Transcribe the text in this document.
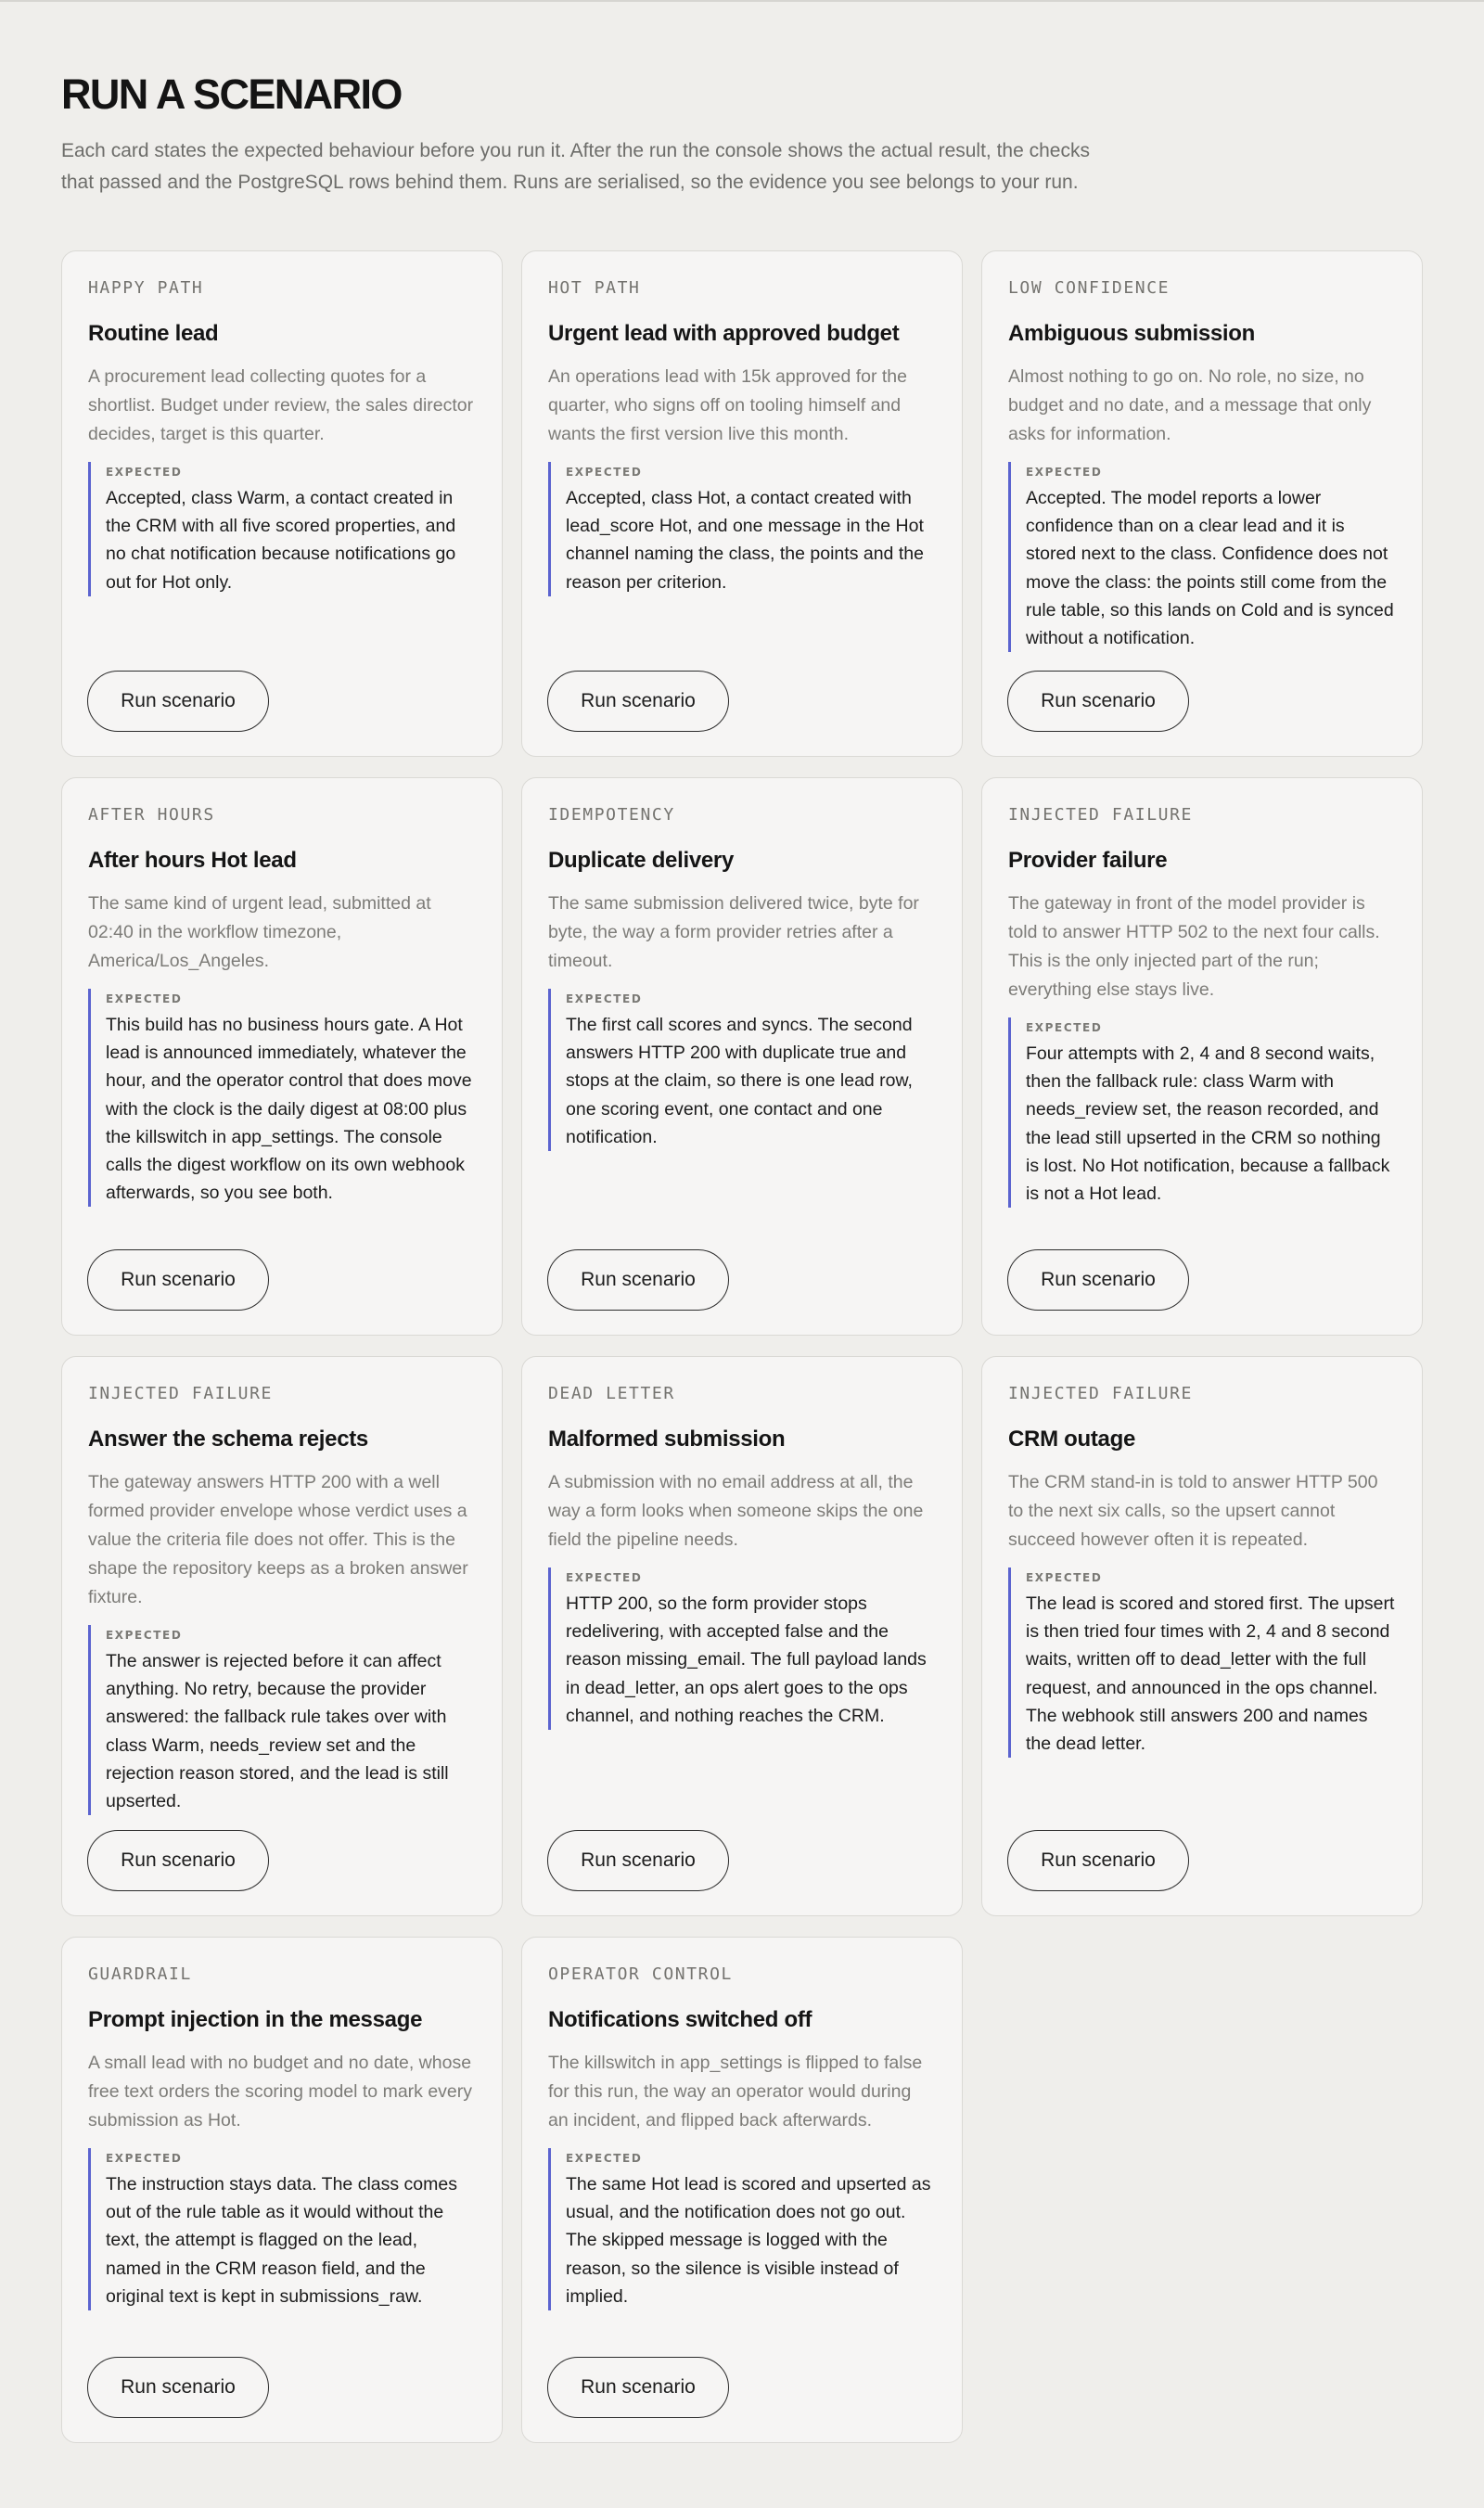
RUN A SCENARIO

Each card states the expected behaviour before you run it. After the run the console shows the actual result, the checks that passed and the PostgreSQL rows behind them. Runs are serialised, so the evidence you see belongs to your run.

HAPPY PATH
Routine lead
A procurement lead collecting quotes for a shortlist. Budget under review, the sales director decides, target is this quarter.
EXPECTED
Accepted, class Warm, a contact created in the CRM with all five scored properties, and no chat notification because notifications go out for Hot only.
Run scenario
HOT PATH
Urgent lead with approved budget
An operations lead with 15k approved for the quarter, who signs off on tooling himself and wants the first version live this month.
EXPECTED
Accepted, class Hot, a contact created with lead_score Hot, and one message in the Hot channel naming the class, the points and the reason per criterion.
Run scenario
LOW CONFIDENCE
Ambiguous submission
Almost nothing to go on. No role, no size, no budget and no date, and a message that only asks for information.
EXPECTED
Accepted. The model reports a lower confidence than on a clear lead and it is stored next to the class. Confidence does not move the class: the points still come from the rule table, so this lands on Cold and is synced without a notification.
Run scenario
AFTER HOURS
After hours Hot lead
The same kind of urgent lead, submitted at 02:40 in the workflow timezone, America/Los_Angeles.
EXPECTED
This build has no business hours gate. A Hot lead is announced immediately, whatever the hour, and the operator control that does move with the clock is the daily digest at 08:00 plus the killswitch in app_settings. The console calls the digest workflow on its own webhook afterwards, so you see both.
Run scenario
IDEMPOTENCY
Duplicate delivery
The same submission delivered twice, byte for byte, the way a form provider retries after a timeout.
EXPECTED
The first call scores and syncs. The second answers HTTP 200 with duplicate true and stops at the claim, so there is one lead row, one scoring event, one contact and one notification.
Run scenario
INJECTED FAILURE
Provider failure
The gateway in front of the model provider is told to answer HTTP 502 to the next four calls. This is the only injected part of the run; everything else stays live.
EXPECTED
Four attempts with 2, 4 and 8 second waits, then the fallback rule: class Warm with needs_review set, the reason recorded, and the lead still upserted in the CRM so nothing is lost. No Hot notification, because a fallback is not a Hot lead.
Run scenario
INJECTED FAILURE
Answer the schema rejects
The gateway answers HTTP 200 with a well formed provider envelope whose verdict uses a value the criteria file does not offer. This is the shape the repository keeps as a broken answer fixture.
EXPECTED
The answer is rejected before it can affect anything. No retry, because the provider answered: the fallback rule takes over with class Warm, needs_review set and the rejection reason stored, and the lead is still upserted.
Run scenario
DEAD LETTER
Malformed submission
A submission with no email address at all, the way a form looks when someone skips the one field the pipeline needs.
EXPECTED
HTTP 200, so the form provider stops redelivering, with accepted false and the reason missing_email. The full payload lands in dead_letter, an ops alert goes to the ops channel, and nothing reaches the CRM.
Run scenario
INJECTED FAILURE
CRM outage
The CRM stand-in is told to answer HTTP 500 to the next six calls, so the upsert cannot succeed however often it is repeated.
EXPECTED
The lead is scored and stored first. The upsert is then tried four times with 2, 4 and 8 second waits, written off to dead_letter with the full request, and announced in the ops channel. The webhook still answers 200 and names the dead letter.
Run scenario
GUARDRAIL
Prompt injection in the message
A small lead with no budget and no date, whose free text orders the scoring model to mark every submission as Hot.
EXPECTED
The instruction stays data. The class comes out of the rule table as it would without the text, the attempt is flagged on the lead, named in the CRM reason field, and the original text is kept in submissions_raw.
Run scenario
OPERATOR CONTROL
Notifications switched off
The killswitch in app_settings is flipped to false for this run, the way an operator would during an incident, and flipped back afterwards.
EXPECTED
The same Hot lead is scored and upserted as usual, and the notification does not go out. The skipped message is logged with the reason, so the silence is visible instead of implied.
Run scenario
